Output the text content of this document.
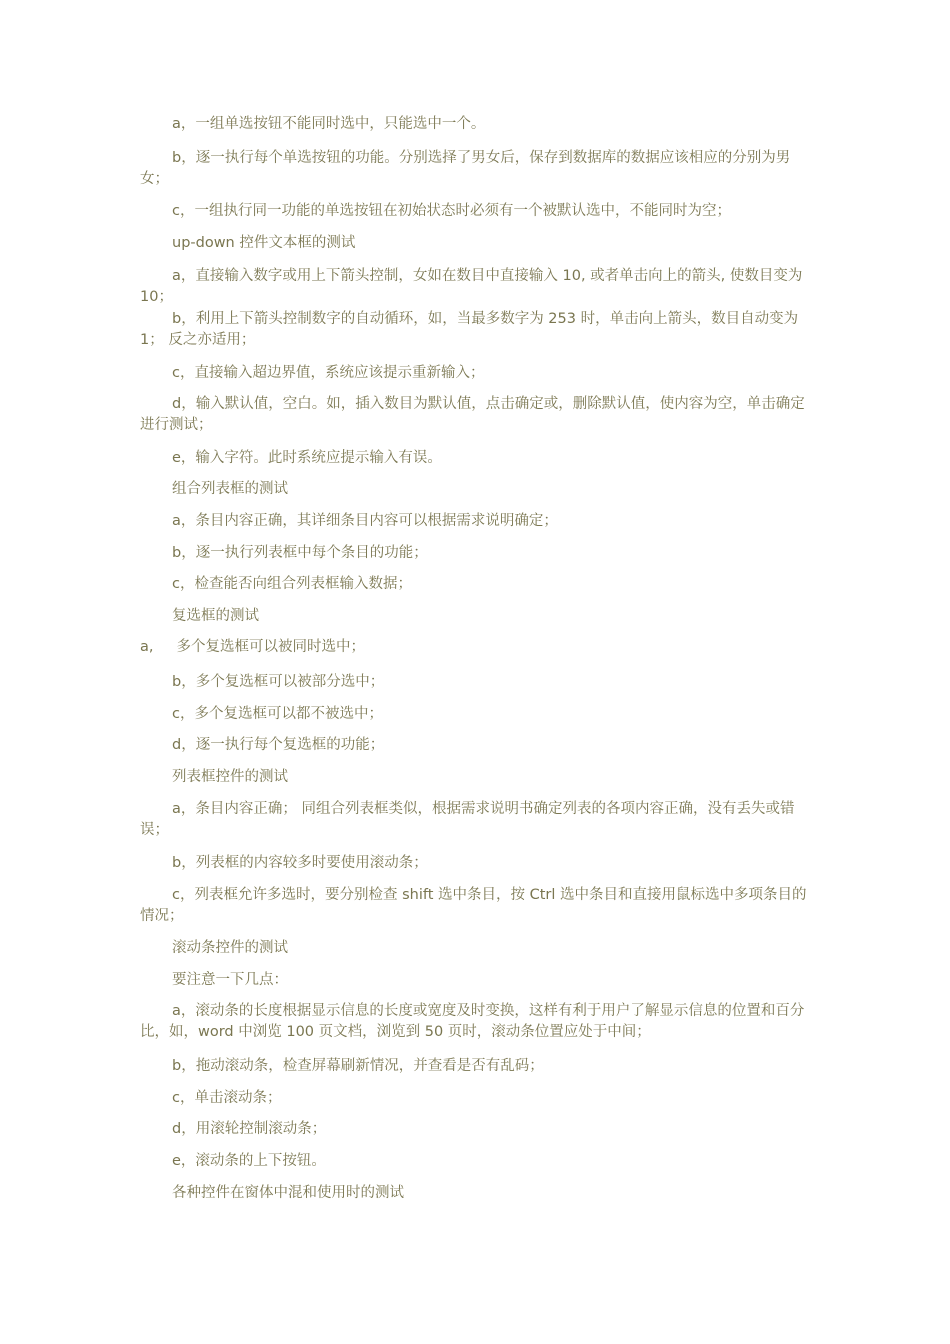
a，一组单选按钮不能同时选中，只能选中一个。

b，逐一执行每个单选按钮的功能。分别选择了男女后，保存到数据库的数据应该相应的分别为男女；

c，一组执行同一功能的单选按钮在初始状态时必须有一个被默认选中，不能同时为空；

up-down 控件文本框的测试

a，直接输入数字或用上下箭头控制，女如在数目中直接输入 10, 或者单击向上的箭头, 使数目变为 10；

b，利用上下箭头控制数字的自动循环，如，当最多数字为 253 时，单击向上箭头，数目自动变为 1； 反之亦适用；

c，直接输入超边界值，系统应该提示重新输入；

d，输入默认值，空白。如，插入数目为默认值，点击确定或，删除默认值，使内容为空，单击确定进行测试；

e，输入字符。此时系统应提示输入有误。

组合列表框的测试

a，条目内容正确，其详细条目内容可以根据需求说明确定；

b，逐一执行列表框中每个条目的功能；

c，检查能否向组合列表框输入数据；

复选框的测试

a,     多个复选框可以被同时选中；

b，多个复选框可以被部分选中；

c，多个复选框可以都不被选中；

d，逐一执行每个复选框的功能；

列表框控件的测试

a，条目内容正确； 同组合列表框类似，根据需求说明书确定列表的各项内容正确，没有丢失或错误；

b，列表框的内容较多时要使用滚动条；

c，列表框允许多选时，要分别检查 shift 选中条目，按 Ctrl 选中条目和直接用鼠标选中多项条目的情况；

滚动条控件的测试

要注意一下几点：

a，滚动条的长度根据显示信息的长度或宽度及时变换，这样有利于用户了解显示信息的位置和百分比，如，word 中浏览 100 页文档，浏览到 50 页时，滚动条位置应处于中间；

b，拖动滚动条，检查屏幕刷新情况，并查看是否有乱码；

c，单击滚动条；

d，用滚轮控制滚动条；

e，滚动条的上下按钮。

各种控件在窗体中混和使用时的测试
